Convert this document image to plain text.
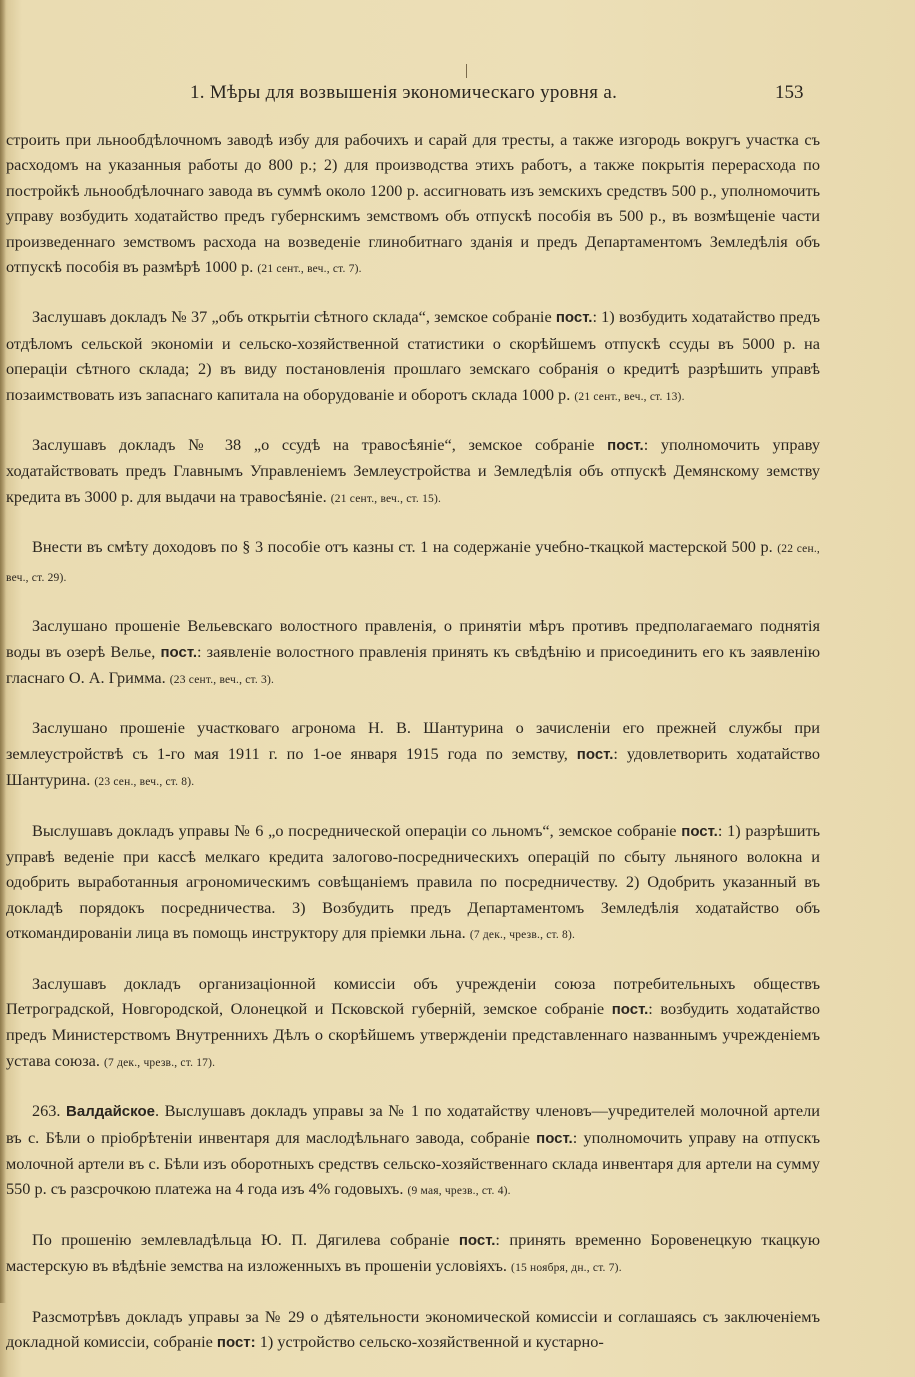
1. Мѣры для возвышенія экономическаго уровня а.	153

строить при льнообдѣлочномъ заводѣ избу для рабочихъ и сарай для тресты, а также изгородь вокругъ участка съ расходомъ на указанныя работы до 800 р.; 2) для производства этихъ работъ, а также покрытія перерасхода по постройкѣ льнообдѣлочнаго завода въ суммѣ около 1200 р. ассигновать изъ земскихъ средствъ 500 р., уполномочить управу возбудить ходатайство предъ губернскимъ земствомъ объ отпускѣ пособія въ 500 р., въ возмѣщеніе части произведеннаго земствомъ расхода на возведеніе глинобитнаго зданія и предъ Департаментомъ Земледѣлія объ отпускѣ пособія въ размѣрѣ 1000 р. (21 сент., веч., ст. 7).

Заслушавъ докладъ № 37 „объ открытіи сѣтного склада“, земское собраніе пост.: 1) возбудить ходатайство предъ отдѣломъ сельской экономіи и сельско-хозяйственной статистики о скорѣйшемъ отпускѣ ссуды въ 5000 р. на операціи сѣтного склада; 2) въ виду постановленія прошлаго земскаго собранія о кредитѣ разрѣшить управѣ позаимствовать изъ запаснаго капитала на оборудованіе и оборотъ склада 1000 р. (21 сент., веч., ст. 13).

Заслушавъ докладъ № 38 „о ссудѣ на травосѣяніе“, земское собраніе пост.: уполномочить управу ходатайствовать предъ Главнымъ Управленіемъ Землеустройства и Земледѣлія объ отпускѣ Демянскому земству кредита въ 3000 р. для выдачи на травосѣяніе. (21 сент., веч., ст. 15).

Внести въ смѣту доходовъ по § 3 пособіе отъ казны ст. 1 на содержаніе учебно-ткацкой мастерской 500 р. (22 сен., веч., ст. 29).

Заслушано прошеніе Вельевскаго волостного правленія, о принятіи мѣръ противъ предполагаемаго поднятія воды въ озерѣ Велье, пост.: заявленіе волостного правленія принять къ свѣдѣнію и присоединить его къ заявленію гласнаго О. А. Гримма. (23 сент., веч., ст. 3).

Заслушано прошеніе участковаго агронома Н. В. Шантурина о зачисленіи его прежней службы при землеустройствѣ съ 1-го мая 1911 г. по 1-ое января 1915 года по земству, пост.: удовлетворить ходатайство Шантурина. (23 сен., веч., ст. 8).

Выслушавъ докладъ управы № 6 „о посреднической операціи со льномъ“, земское собраніе пост.: 1) разрѣшить управѣ веденіе при кассѣ мелкаго кредита залогово-посредническихъ операцій по сбыту льняного волокна и одобрить выработанныя агрономическимъ совѣщаніемъ правила по посредничеству. 2) Одобрить указанный въ докладѣ порядокъ посредничества. 3) Возбудить предъ Департаментомъ Земледѣлія ходатайство объ откомандированіи лица въ помощь инструктору для пріемки льна. (7 дек., чрезв., ст. 8).

Заслушавъ докладъ организаціонной комиссіи объ учрежденіи союза потребительныхъ обществъ Петроградской, Новгородской, Олонецкой и Псковской губерній, земское собраніе пост.: возбудить ходатайство предъ Министерствомъ Внутреннихъ Дѣлъ о скорѣйшемъ утвержденіи представленнаго названнымъ учрежденіемъ устава союза. (7 дек., чрезв., ст. 17).

263. Валдайское. Выслушавъ докладъ управы за № 1 по ходатайству членовъ—учредителей молочной артели въ с. Бѣли о пріобрѣтеніи инвентаря для маслодѣльнаго завода, собраніе пост.: уполномочить управу на отпускъ молочной артели въ с. Бѣли изъ оборотныхъ средствъ сельско-хозяйственнаго склада инвентаря для артели на сумму 550 р. съ разсрочкою платежа на 4 года изъ 4% годовыхъ. (9 мая, чрезв., ст. 4).

По прошенію землевладѣльца Ю. П. Дягилева собраніе пост.: принять временно Боровенецкую ткацкую мастерскую въ вѣдѣніе земства на изложенныхъ въ прошеніи условіяхъ. (15 ноября, дн., ст. 7).

Разсмотрѣвъ докладъ управы за № 29 о дѣятельности экономической комиссіи и соглашаясь съ заключеніемъ докладной комиссіи, собраніе пост: 1) устройство сельско-хозяйственной и кустарно-
